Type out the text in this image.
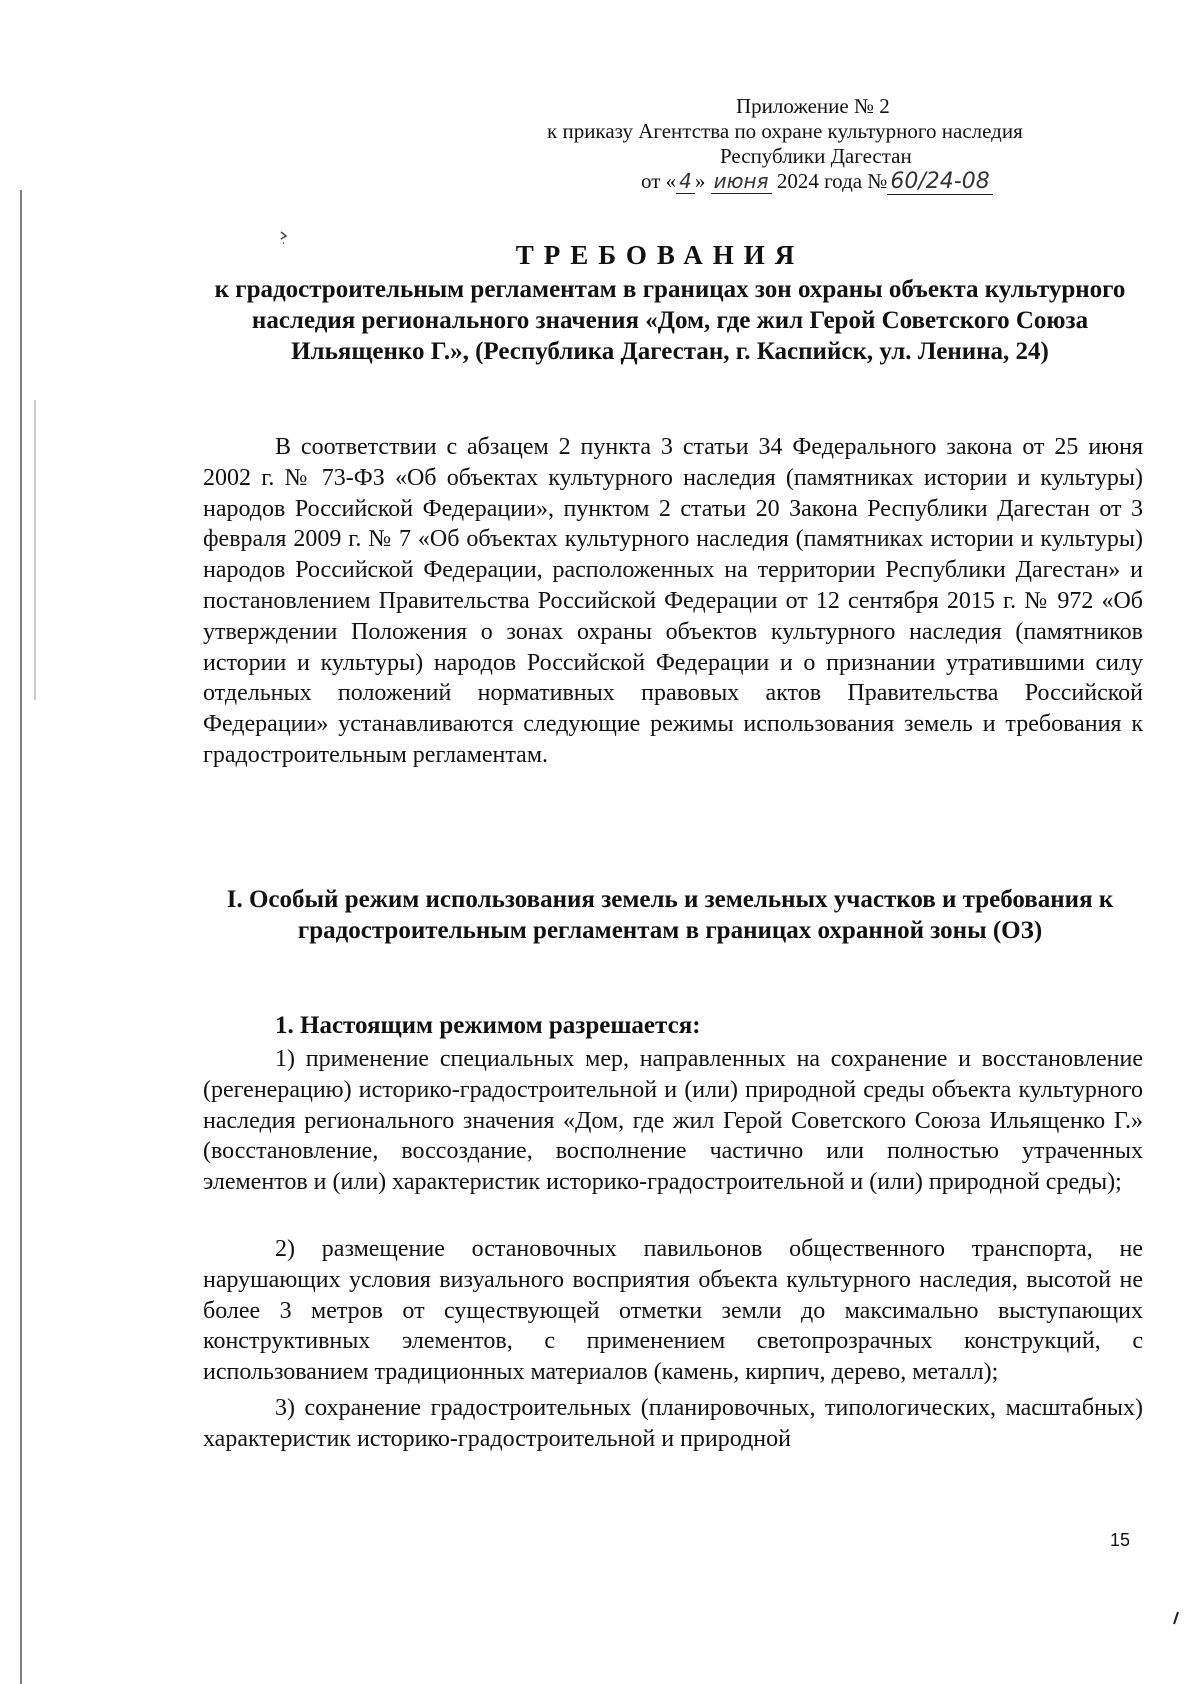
Приложение № 2
к приказу Агентства по охране культурного наследия
Республики Дагестан
от « 4 » июня 2024 года № 60/24-08
ТРЕБОВАНИЯ
к градостроительным регламентам в границах зон охраны объекта культурного наследия регионального значения «Дом, где жил Герой Советского Союза Ильященко Г.», (Республика Дагестан, г. Каспийск, ул. Ленина, 24)
В соответствии с абзацем 2 пункта 3 статьи 34 Федерального закона от 25 июня 2002 г. № 73-ФЗ «Об объектах культурного наследия (памятниках истории и культуры) народов Российской Федерации», пунктом 2 статьи 20 Закона Республики Дагестан от 3 февраля 2009 г. № 7 «Об объектах культурного наследия (памятниках истории и культуры) народов Российской Федерации, расположенных на территории Республики Дагестан» и постановлением Правительства Российской Федерации от 12 сентября 2015 г. № 972 «Об утверждении Положения о зонах охраны объектов культурного наследия (памятников истории и культуры) народов Российской Федерации и о признании утратившими силу отдельных положений нормативных правовых актов Правительства Российской Федерации» устанавливаются следующие режимы использования земель и требования к градостроительным регламентам.
I. Особый режим использования земель и земельных участков и требования к градостроительным регламентам в границах охранной зоны (ОЗ)
1. Настоящим режимом разрешается:
1) применение специальных мер, направленных на сохранение и восстановление (регенерацию) историко-градостроительной и (или) природной среды объекта культурного наследия регионального значения «Дом, где жил Герой Советского Союза Ильященко Г.» (восстановление, воссоздание, восполнение частично или полностью утраченных элементов и (или) характеристик историко-градостроительной и (или) природной среды);
2) размещение остановочных павильонов общественного транспорта, не нарушающих условия визуального восприятия объекта культурного наследия, высотой не более 3 метров от существующей отметки земли до максимально выступающих конструктивных элементов, с применением светопрозрачных конструкций, с использованием традиционных материалов (камень, кирпич, дерево, металл);
3) сохранение градостроительных (планировочных, типологических, масштабных) характеристик историко-градостроительной и природной
15
